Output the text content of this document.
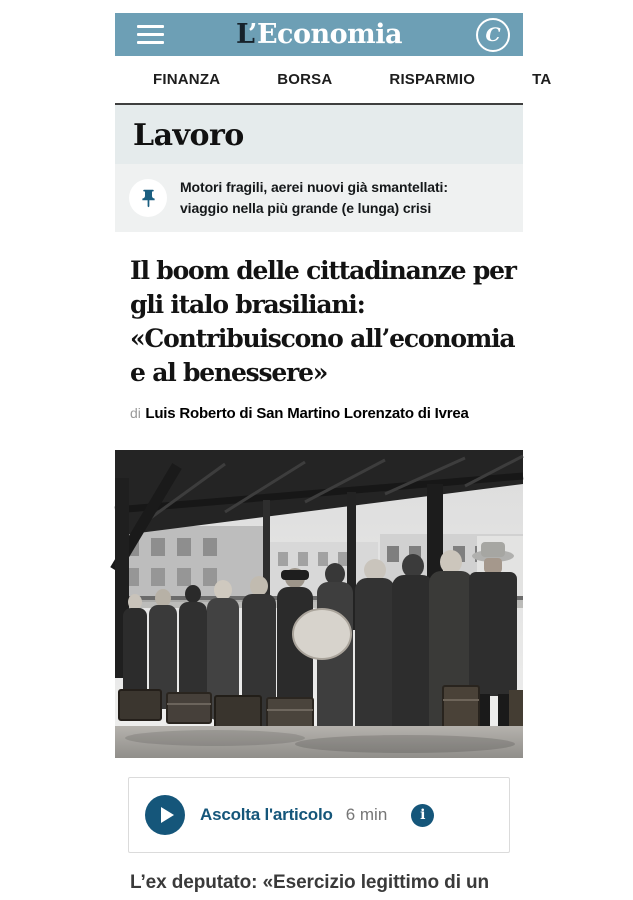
L’Economia	C
FINANZA	BORSA	RISPARMIO	TA
Lavoro
Motori fragili, aerei nuovi già smantellati:
viaggio nella più grande (e lunga) crisi
Il boom delle cittadinanze per
gli italo brasiliani:
«Contribuiscono all’economia
e al benessere»
di Luis Roberto di San Martino Lorenzato di Ivrea
Ascolta l'articolo 6 min	i

L’ex deputato: «Esercizio legittimo di un
